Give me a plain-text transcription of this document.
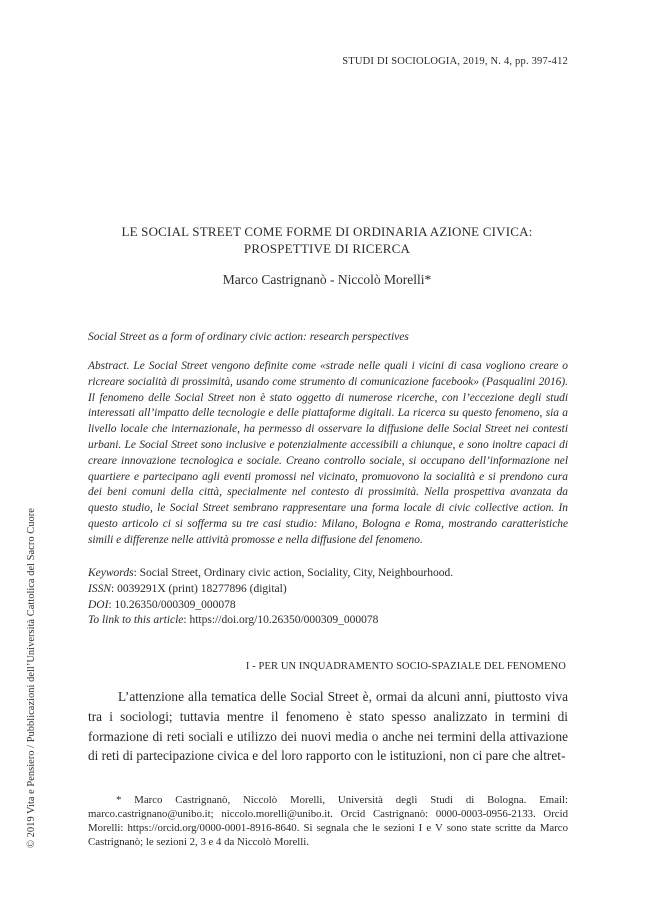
STUDI DI SOCIOLOGIA, 2019, N. 4, pp. 397-412
© 2019 Vita e Pensiero / Pubblicazioni dell’Università Cattolica del Sacro Cuore
LE SOCIAL STREET COME FORME DI ORDINARIA AZIONE CIVICA: PROSPETTIVE DI RICERCA
Marco Castrignanò - Niccolò Morelli*
Social Street as a form of ordinary civic action: research perspectives
Abstract. Le Social Street vengono definite come «strade nelle quali i vicini di casa vogliono creare o ricreare socialità di prossimità, usando come strumento di comunicazione facebook» (Pasqualini 2016). Il fenomeno delle Social Street non è stato oggetto di numerose ricerche, con l’eccezione degli studi interessati all’impatto delle tecnologie e delle piattaforme digitali. La ricerca su questo fenomeno, sia a livello locale che internazionale, ha permesso di osservare la diffusione delle Social Street nei contesti urbani. Le Social Street sono inclusive e potenzialmente accessibili a chiunque, e sono inoltre capaci di creare innovazione tecnologica e sociale. Creano controllo sociale, si occupano dell’informazione nel quartiere e partecipano agli eventi promossi nel vicinato, promuovono la socialità e si prendono cura dei beni comuni della città, specialmente nel contesto di prossimità. Nella prospettiva avanzata da questo studio, le Social Street sembrano rappresentare una forma locale di civic collective action. In questo articolo ci si sofferma su tre casi studio: Milano, Bologna e Roma, mostrando caratteristiche simili e differenze nelle attività promosse e nella diffusione del fenomeno.
Keywords: Social Street, Ordinary civic action, Sociality, City, Neighbourhood.
ISSN: 0039291X (print) 18277896 (digital)
DOI: 10.26350/000309_000078
To link to this article: https://doi.org/10.26350/000309_000078
I - PER UN INQUADRAMENTO SOCIO-SPAZIALE DEL FENOMENO

L’attenzione alla tematica delle Social Street è, ormai da alcuni anni, piuttosto viva tra i sociologi; tuttavia mentre il fenomeno è stato spesso analizzato in termini di formazione di reti sociali e utilizzo dei nuovi media o anche nei termini della attivazione di reti di partecipazione civica e del loro rapporto con le istituzioni, non ci pare che altret-

* Marco Castrignanò, Niccolò Morelli, Università degli Studi di Bologna. Email: marco.castrignano@unibo.it; niccolo.morelli@unibo.it. Orcid Castrignanò: 0000-0003-0956-2133. Orcid Morelli: https://orcid.org/0000-0001-8916-8640. Si segnala che le sezioni I e V sono state scritte da Marco Castrignanò; le sezioni 2, 3 e 4 da Niccolò Morelli.
